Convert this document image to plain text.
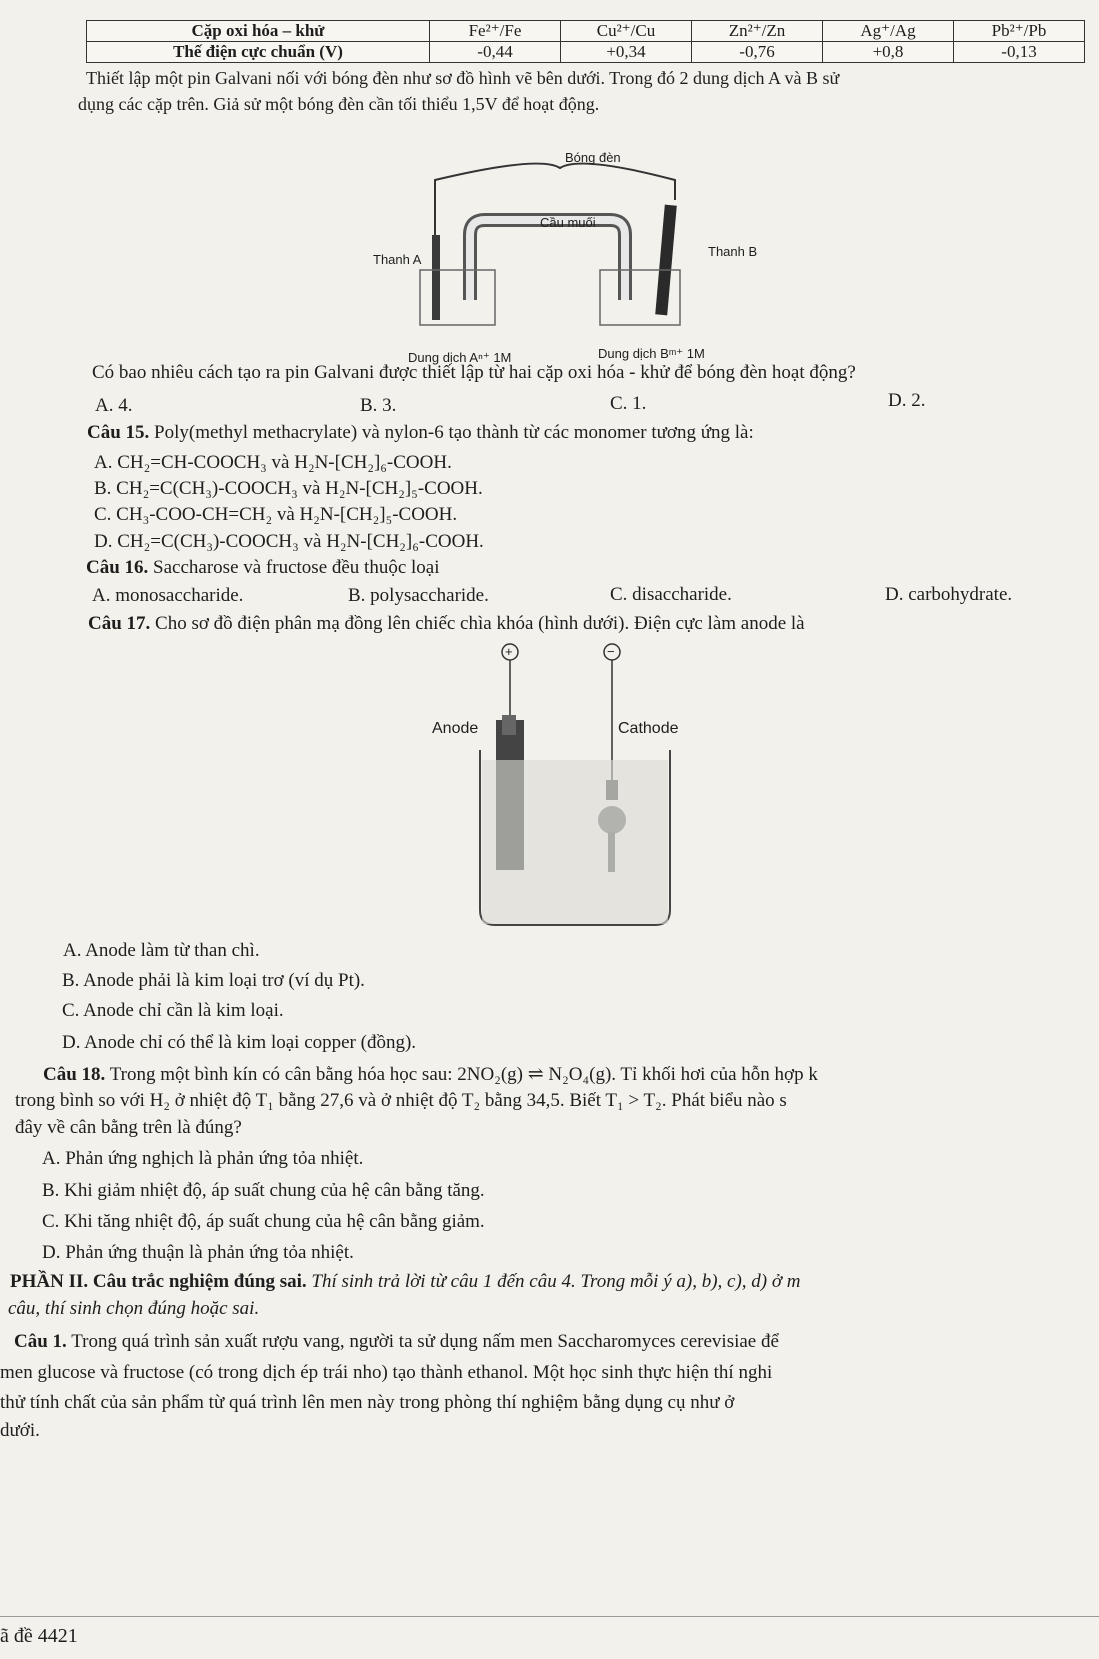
Cặp oxi hóa – khử	Fe²⁺/Fe	Cu²⁺/Cu	Zn²⁺/Zn	Ag⁺/Ag	Pb²⁺/Pb
Thế điện cực chuẩn (V)	-0,44	+0,34	-0,76	+0,8	-0,13
Thiết lập một pin Galvani nối với bóng đèn như sơ đồ hình vẽ bên dưới. Trong đó 2 dung dịch A và B sử
dụng các cặp trên. Giả sử một bóng đèn cần tối thiểu 1,5V để hoạt động.
Bóng đèn
Cầu muối
Thanh A
Thanh B
Dung dịch Aⁿ⁺ 1M	Dung dịch Bᵐ⁺ 1M
Có bao nhiêu cách tạo ra pin Galvani được thiết lập từ hai cặp oxi hóa - khử để bóng đèn hoạt động?
A. 4.	B. 3.	C. 1.	D. 2.
Câu 15. Poly(methyl methacrylate) và nylon-6 tạo thành từ các monomer tương ứng là:
A. CH₂=CH-COOCH₃ và H₂N-[CH₂]₆-COOH.
B. CH₂=C(CH₃)-COOCH₃ và H₂N-[CH₂]₅-COOH.
C. CH₃-COO-CH=CH₂ và H₂N-[CH₂]₅-COOH.
D. CH₂=C(CH₃)-COOCH₃ và H₂N-[CH₂]₆-COOH.
Câu 16. Saccharose và fructose đều thuộc loại
A. monosaccharide.	B. polysaccharide.	C. disaccharide.	D. carbohydrate.
Câu 17. Cho sơ đồ điện phân mạ đồng lên chiếc chìa khóa (hình dưới). Điện cực làm anode là
+	−
Anode	Cathode
A. Anode làm từ than chì.
B. Anode phải là kim loại trơ (ví dụ Pt).
C. Anode chỉ cần là kim loại.
D. Anode chỉ có thể là kim loại copper (đồng).
Câu 18. Trong một bình kín có cân bằng hóa học sau: 2NO₂(g) ⇌ N₂O₄(g). Tỉ khối hơi của hỗn hợp k
trong bình so với H₂ ở nhiệt độ T₁ bằng 27,6 và ở nhiệt độ T₂ bằng 34,5. Biết T₁ > T₂. Phát biểu nào s
đây về cân bằng trên là đúng?
A. Phản ứng nghịch là phản ứng tỏa nhiệt.
B. Khi giảm nhiệt độ, áp suất chung của hệ cân bằng tăng.
C. Khi tăng nhiệt độ, áp suất chung của hệ cân bằng giảm.
D. Phản ứng thuận là phản ứng tỏa nhiệt.
PHẦN II. Câu trắc nghiệm đúng sai. Thí sinh trả lời từ câu 1 đến câu 4. Trong mỗi ý a), b), c), d) ở m
câu, thí sinh chọn đúng hoặc sai.
Câu 1. Trong quá trình sản xuất rượu vang, người ta sử dụng nấm men Saccharomyces cerevisiae để
men glucose và fructose (có trong dịch ép trái nho) tạo thành ethanol. Một học sinh thực hiện thí nghi
thử tính chất của sản phẩm từ quá trình lên men này trong phòng thí nghiệm bằng dụng cụ như ở
dưới.
ã đề 4421
